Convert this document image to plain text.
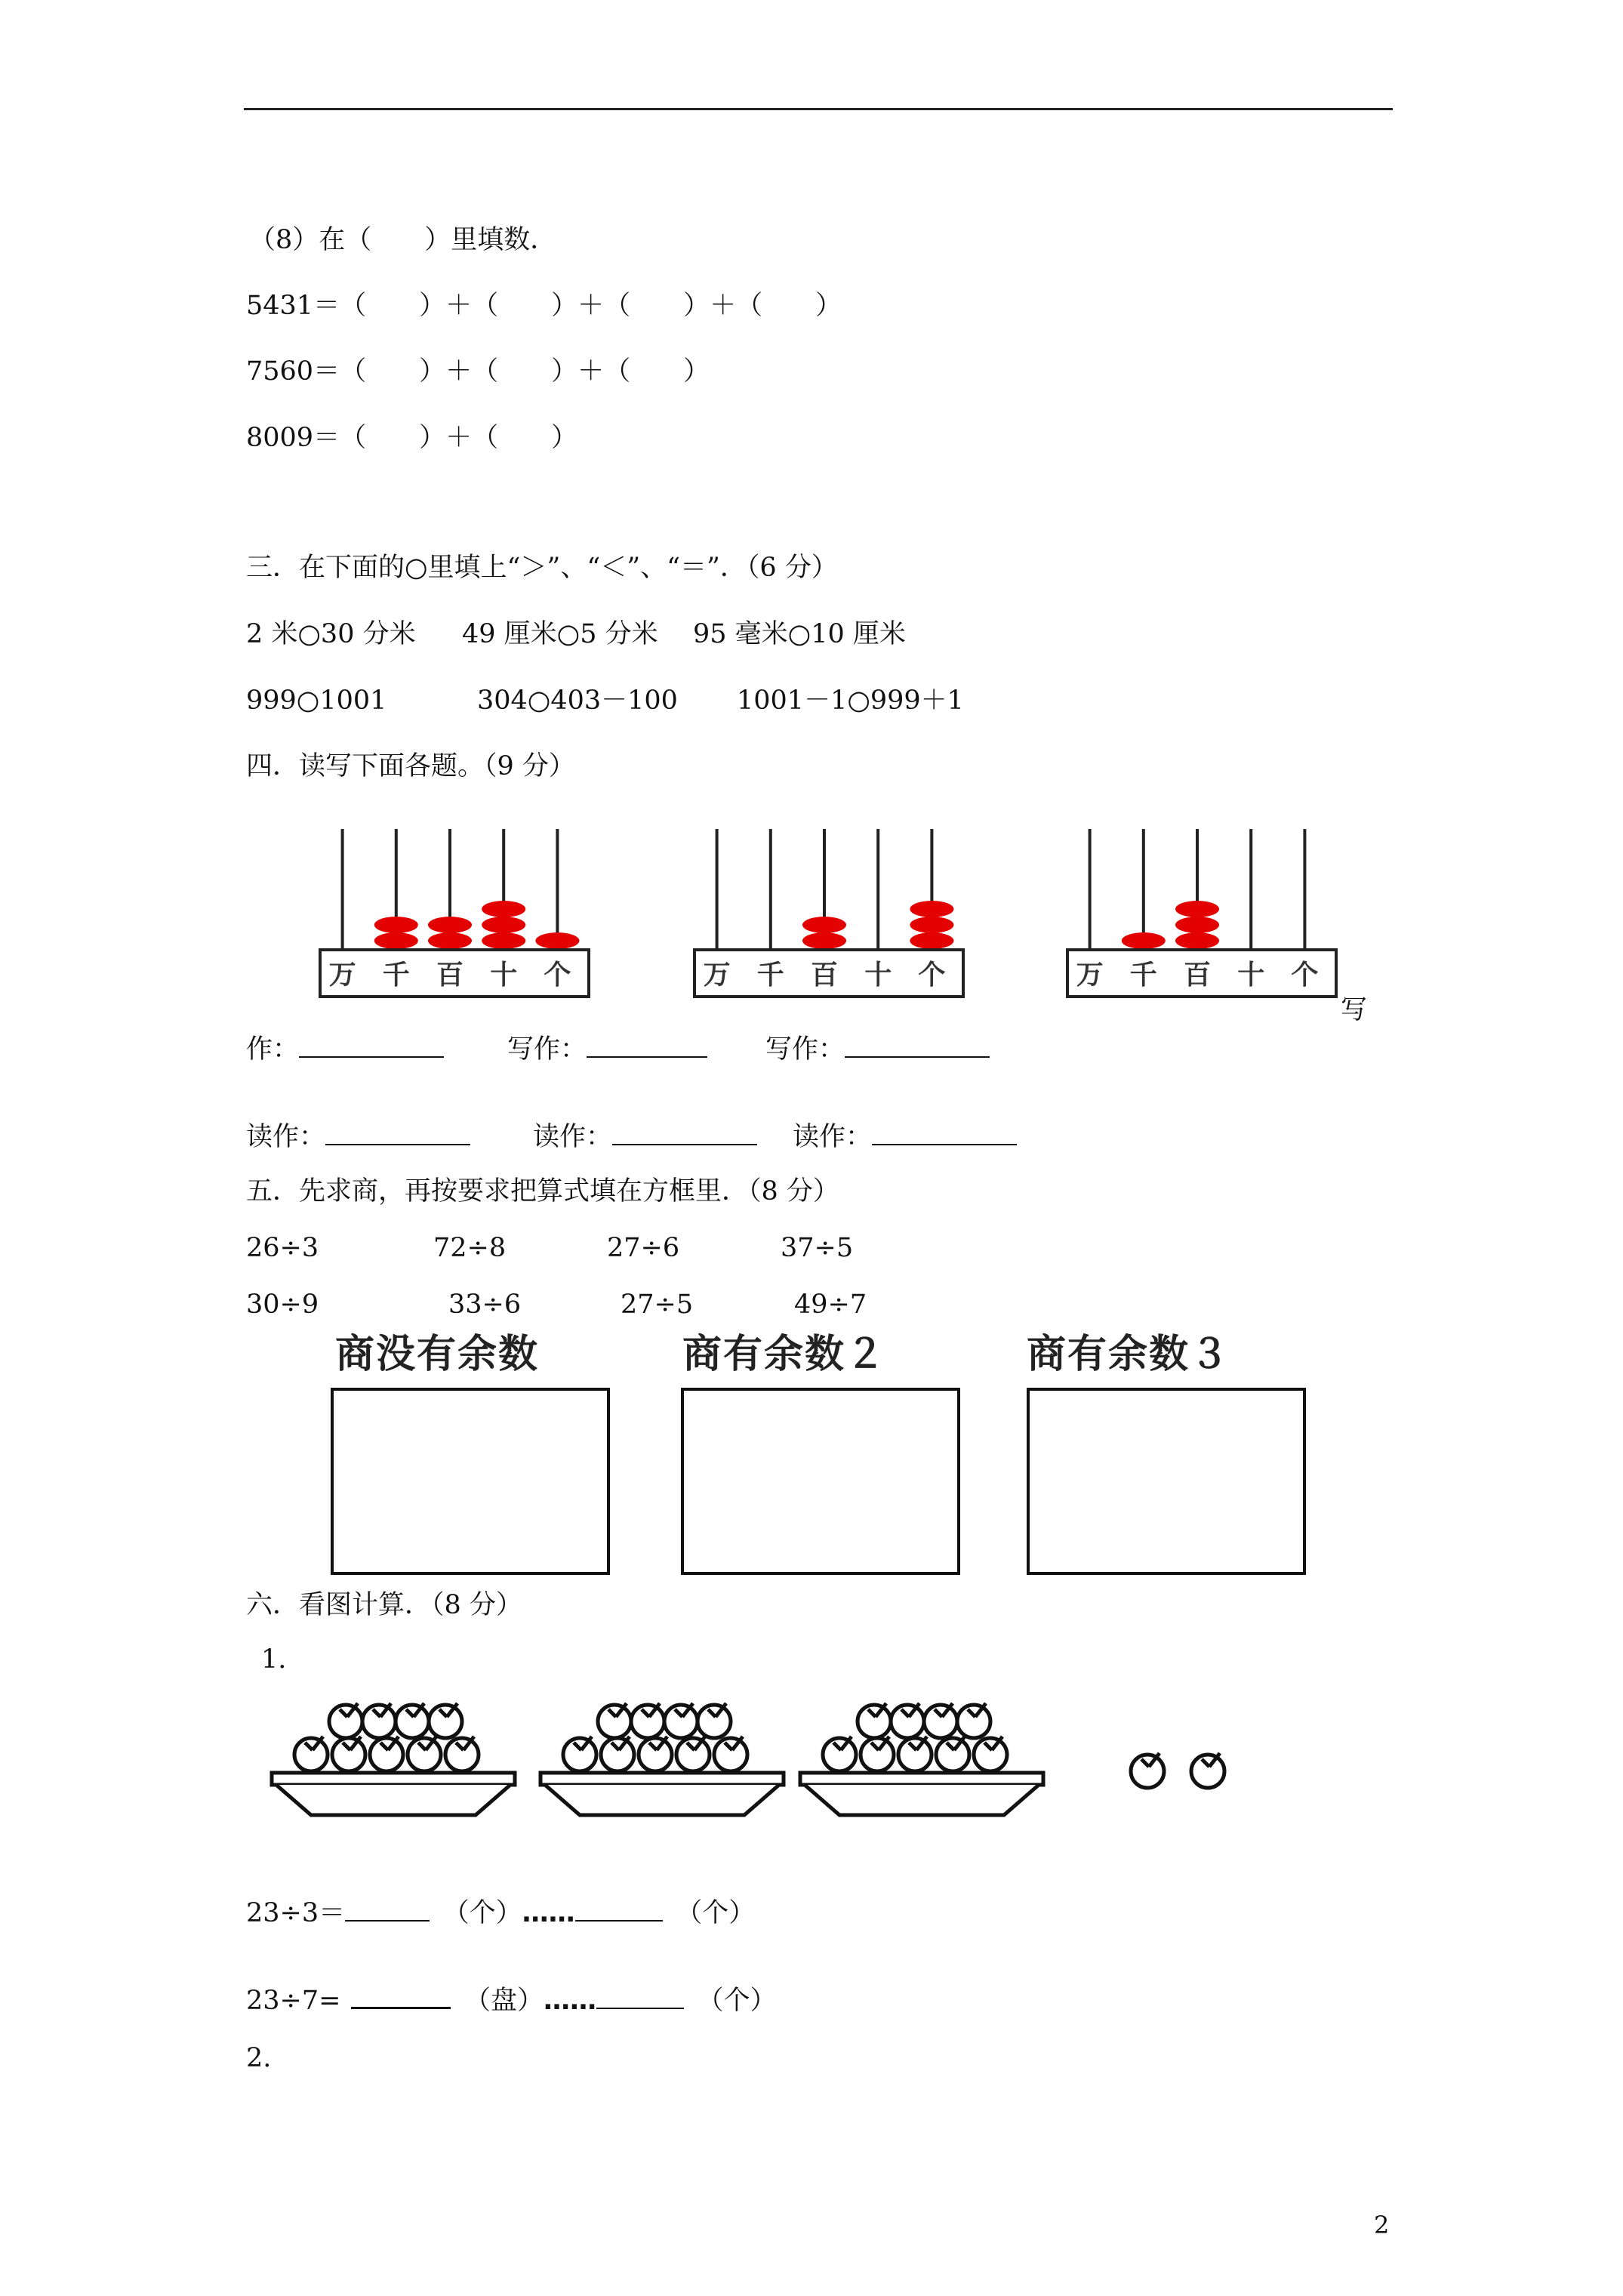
（8）在（　　）里填数．
5431＝（　　）＋（　　）＋（　　）＋（　　）
7560＝（　　）＋（　　）＋（　　）
8009＝（　　）＋（　　）
三．在下面的○里填上“＞”、“＜”、“＝”．（6 分）
2 米○30 分米 49 厘米○5 分米 95 毫米○10 厘米
999○1001	304○403－100 1001－1○999＋1
四．读写下面各题。（9 分）
万 千 百 十 个	万 千 百 十 个	万 千 百 十 个
写
作：	写作：	写作：
读作：	读作：	读作：
五．先求商，再按要求把算式填在方框里．（8 分）
26÷3	72÷8	27÷6	37÷5
30÷9	33÷6	27÷5	49÷7
商没有余数	商有余数２	商有余数３
六．看图计算．（8 分）
1.
23÷3＝　	（个）……　	（个）
23÷7=　	（盘）……　	（个）
2.
2
